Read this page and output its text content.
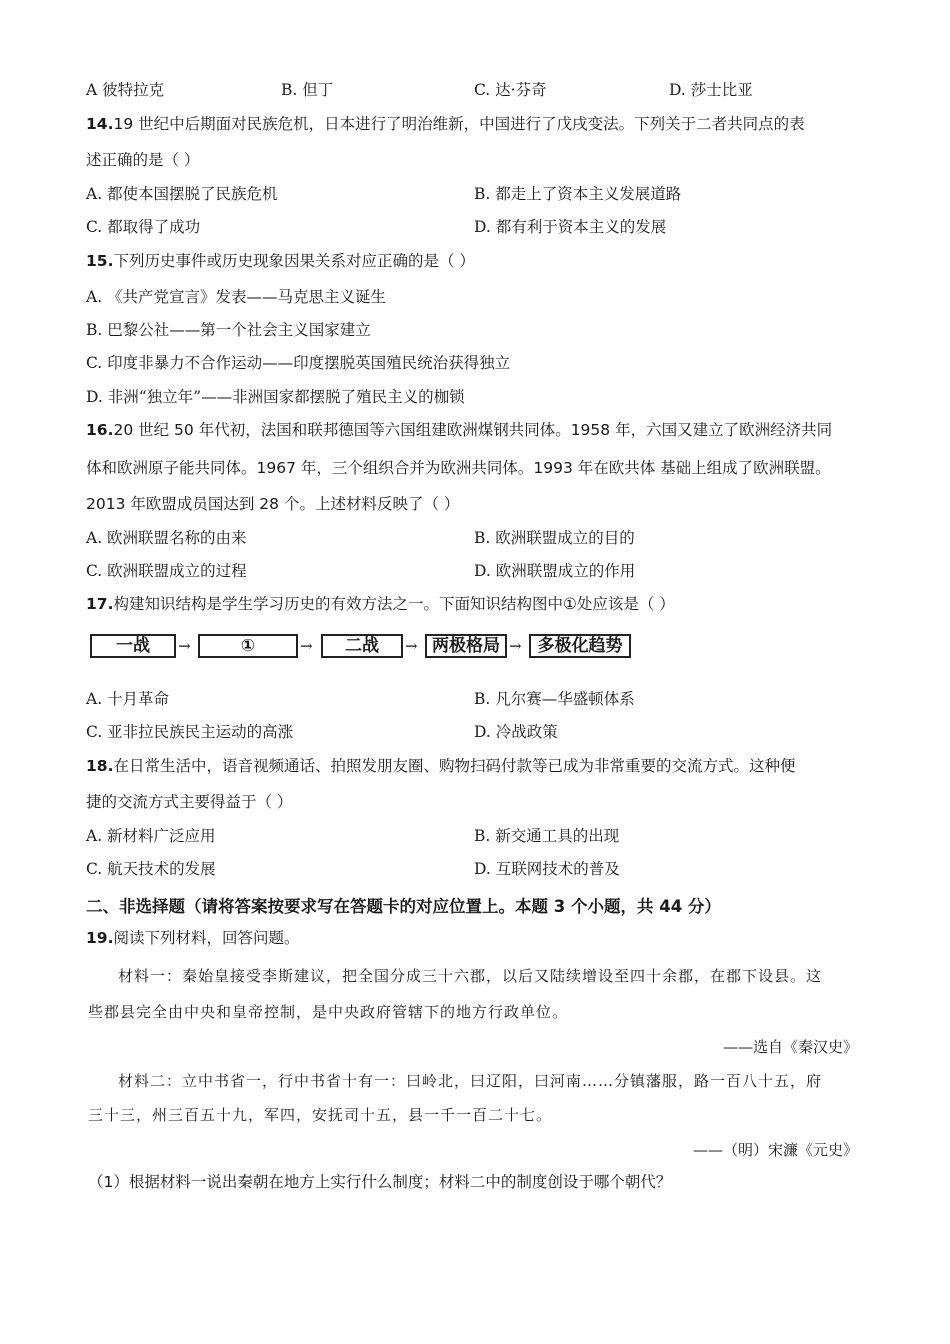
A 彼特拉克	B. 但丁	C. 达·芬奇	D. 莎士比亚
14.19 世纪中后期面对民族危机，日本进行了明治维新，中国进行了戊戌变法。下列关于二者共同点的表
述正确的是（ ）
A. 都使本国摆脱了民族危机	B. 都走上了资本主义发展道路
C. 都取得了成功	D. 都有利于资本主义的发展
15.下列历史事件或历史现象因果关系对应正确的是（ ）
A. 《共产党宣言》发表——马克思主义诞生
B. 巴黎公社——第一个社会主义国家建立
C. 印度非暴力不合作运动——印度摆脱英国殖民统治获得独立
D. 非洲“独立年”——非洲国家都摆脱了殖民主义的枷锁
16.20 世纪 50 年代初，法国和联邦德国等六国组建欧洲煤钢共同体。1958 年，六国又建立了欧洲经济共同
体和欧洲原子能共同体。1967 年，三个组织合并为欧洲共同体。1993 年在欧共体 基础上组成了欧洲联盟。
2013 年欧盟成员国达到 28 个。上述材料反映了（ ）
A. 欧洲联盟名称的由来	B. 欧洲联盟成立的目的
C. 欧洲联盟成立的过程	D. 欧洲联盟成立的作用
17.构建知识结构是学生学习历史的有效方法之一。下面知识结构图中①处应该是（ ）
一战	→	①	→	二战	→ 两极格局 → 多极化趋势
A. 十月革命	B. 凡尔赛—华盛顿体系
C. 亚非拉民族民主运动的高涨	D. 冷战政策
18.在日常生活中，语音视频通话、拍照发朋友圈、购物扫码付款等已成为非常重要的交流方式。这种便
捷的交流方式主要得益于（ ）
A. 新材料广泛应用	B. 新交通工具的出现
C. 航天技术的发展	D. 互联网技术的普及
二、非选择题（请将答案按要求写在答题卡的对应位置上。本题 3 个小题，共 44 分）
19.阅读下列材料，回答问题。
材料一：秦始皇接受李斯建议，把全国分成三十六郡，以后又陆续增设至四十余郡，在郡下设县。这
些郡县完全由中央和皇帝控制，是中央政府管辖下的地方行政单位。
——选自《秦汉史》
材料二：立中书省一，行中书省十有一：曰岭北，曰辽阳，曰河南……分镇藩服，路一百八十五，府
三十三，州三百五十九，军四，安抚司十五，县一千一百二十七。
——（明）宋濂《元史》
（1）根据材料一说出秦朝在地方上实行什么制度；材料二中的制度创设于哪个朝代？
